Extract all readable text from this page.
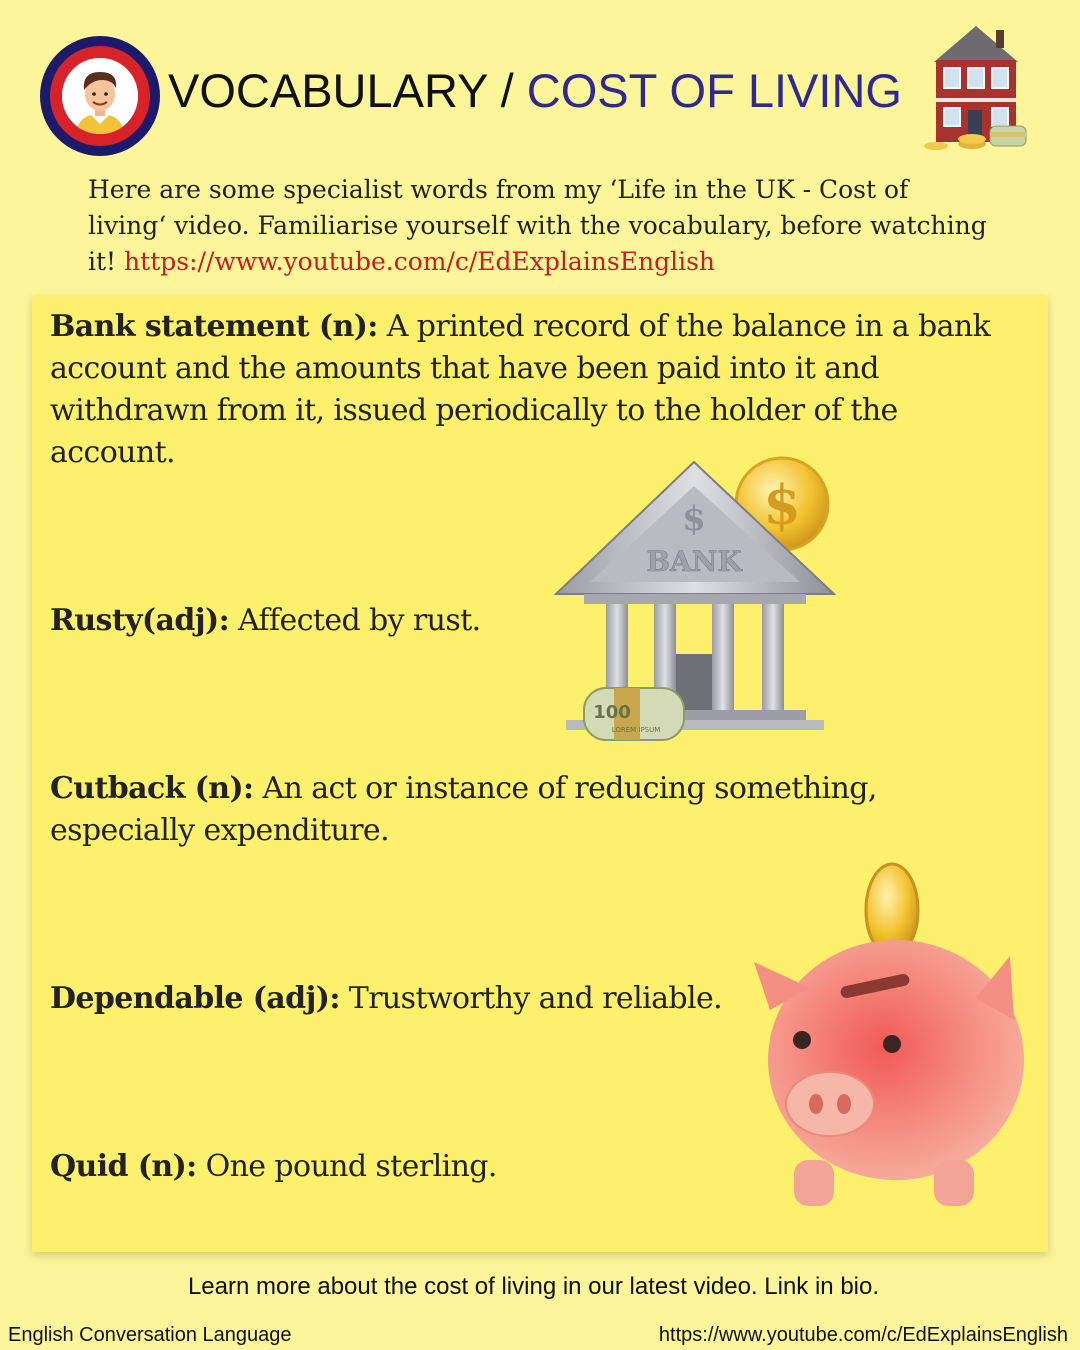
VOCABULARY / COST OF LIVING
Here are some specialist words from my ‘Life in the UK - Cost of living‘ video. Familiarise yourself with the vocabulary, before watching it! https://www.youtube.com/c/EdExplainsEnglish
Bank statement (n): A printed record of the balance in a bank account and the amounts that have been paid into it and withdrawn from it, issued periodically to the holder of the account.
$
$
BANK
100
LOREM IPSUM
Rusty(adj): Affected by rust.
Cutback (n): An act or instance of reducing something, especially expenditure.
Dependable (adj): Trustworthy and reliable.
Quid (n): One pound sterling.
Learn more about the cost of living in our latest video. Link in bio.
English Conversation Language	https://www.youtube.com/c/EdExplainsEnglish
